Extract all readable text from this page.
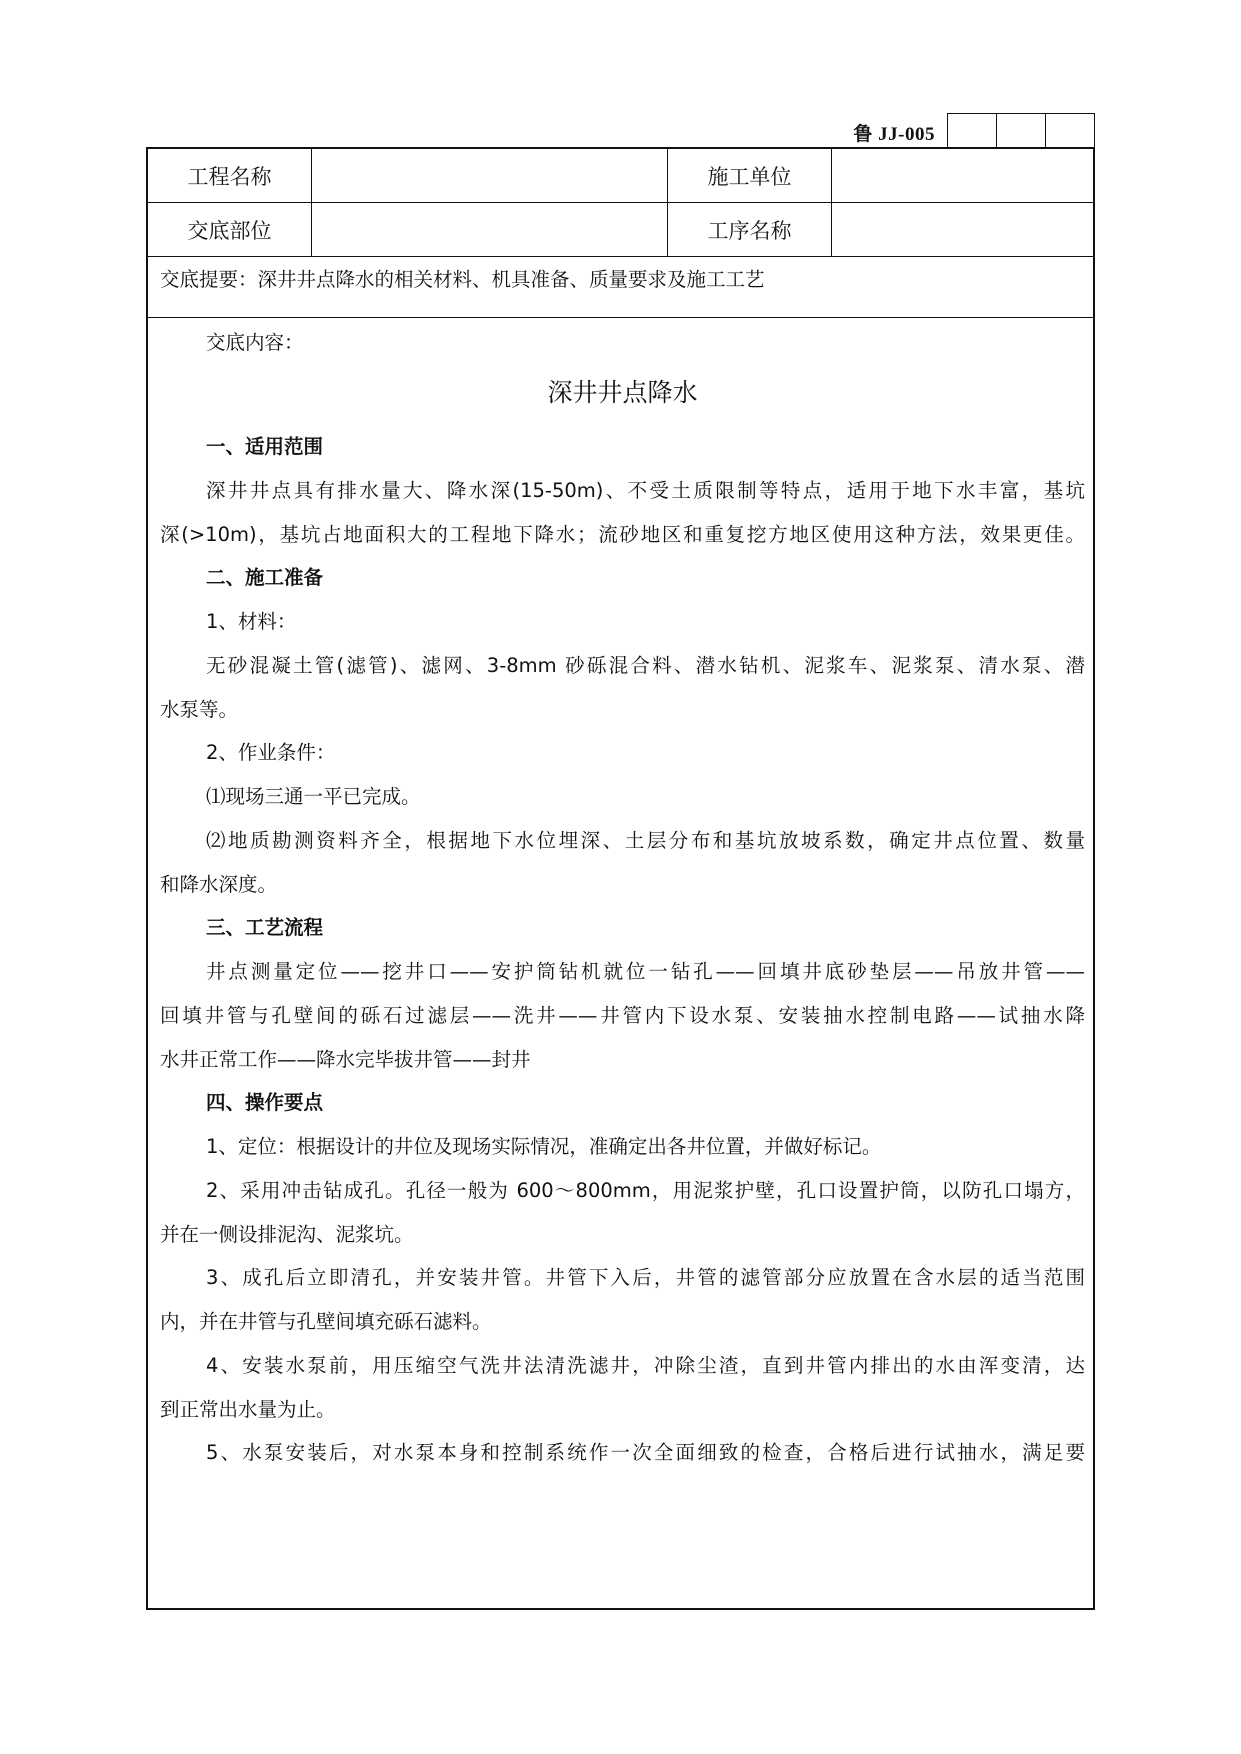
鲁 JJ-005
工程名称	施工单位
交底部位	工序名称
交底提要：深井井点降水的相关材料、机具准备、质量要求及施工工艺
交底内容：
深井井点降水
一、适用范围
深井井点具有排水量大、降水深(15-50m)、不受土质限制等特点，适用于地下水丰富，基坑
深(>10m)，基坑占地面积大的工程地下降水；流砂地区和重复挖方地区使用这种方法，效果更佳。
二、施工准备
1、材料：
无砂混凝土管(滤管)、滤网、3-8mm 砂砾混合料、潜水钻机、泥浆车、泥浆泵、清水泵、潜
水泵等。
2、作业条件：
⑴现场三通一平已完成。
⑵地质勘测资料齐全，根据地下水位埋深、土层分布和基坑放坡系数，确定井点位置、数量
和降水深度。
三、工艺流程
井点测量定位——挖井口——安护筒钻机就位一钻孔——回填井底砂垫层——吊放井管——
回填井管与孔壁间的砾石过滤层——洗井——井管内下设水泵、安装抽水控制电路——试抽水降
水井正常工作——降水完毕拔井管——封井
四、操作要点
1、定位：根据设计的井位及现场实际情况，准确定出各井位置，并做好标记。
2、采用冲击钻成孔。孔径一般为 600～800mm，用泥浆护壁，孔口设置护筒，以防孔口塌方，
并在一侧设排泥沟、泥浆坑。
3、成孔后立即清孔，并安装井管。井管下入后，井管的滤管部分应放置在含水层的适当范围
内，并在井管与孔壁间填充砾石滤料。
4、安装水泵前，用压缩空气洗井法清洗滤井，冲除尘渣，直到井管内排出的水由浑变清，达
到正常出水量为止。
5、水泵安装后，对水泵本身和控制系统作一次全面细致的检查，合格后进行试抽水，满足要
